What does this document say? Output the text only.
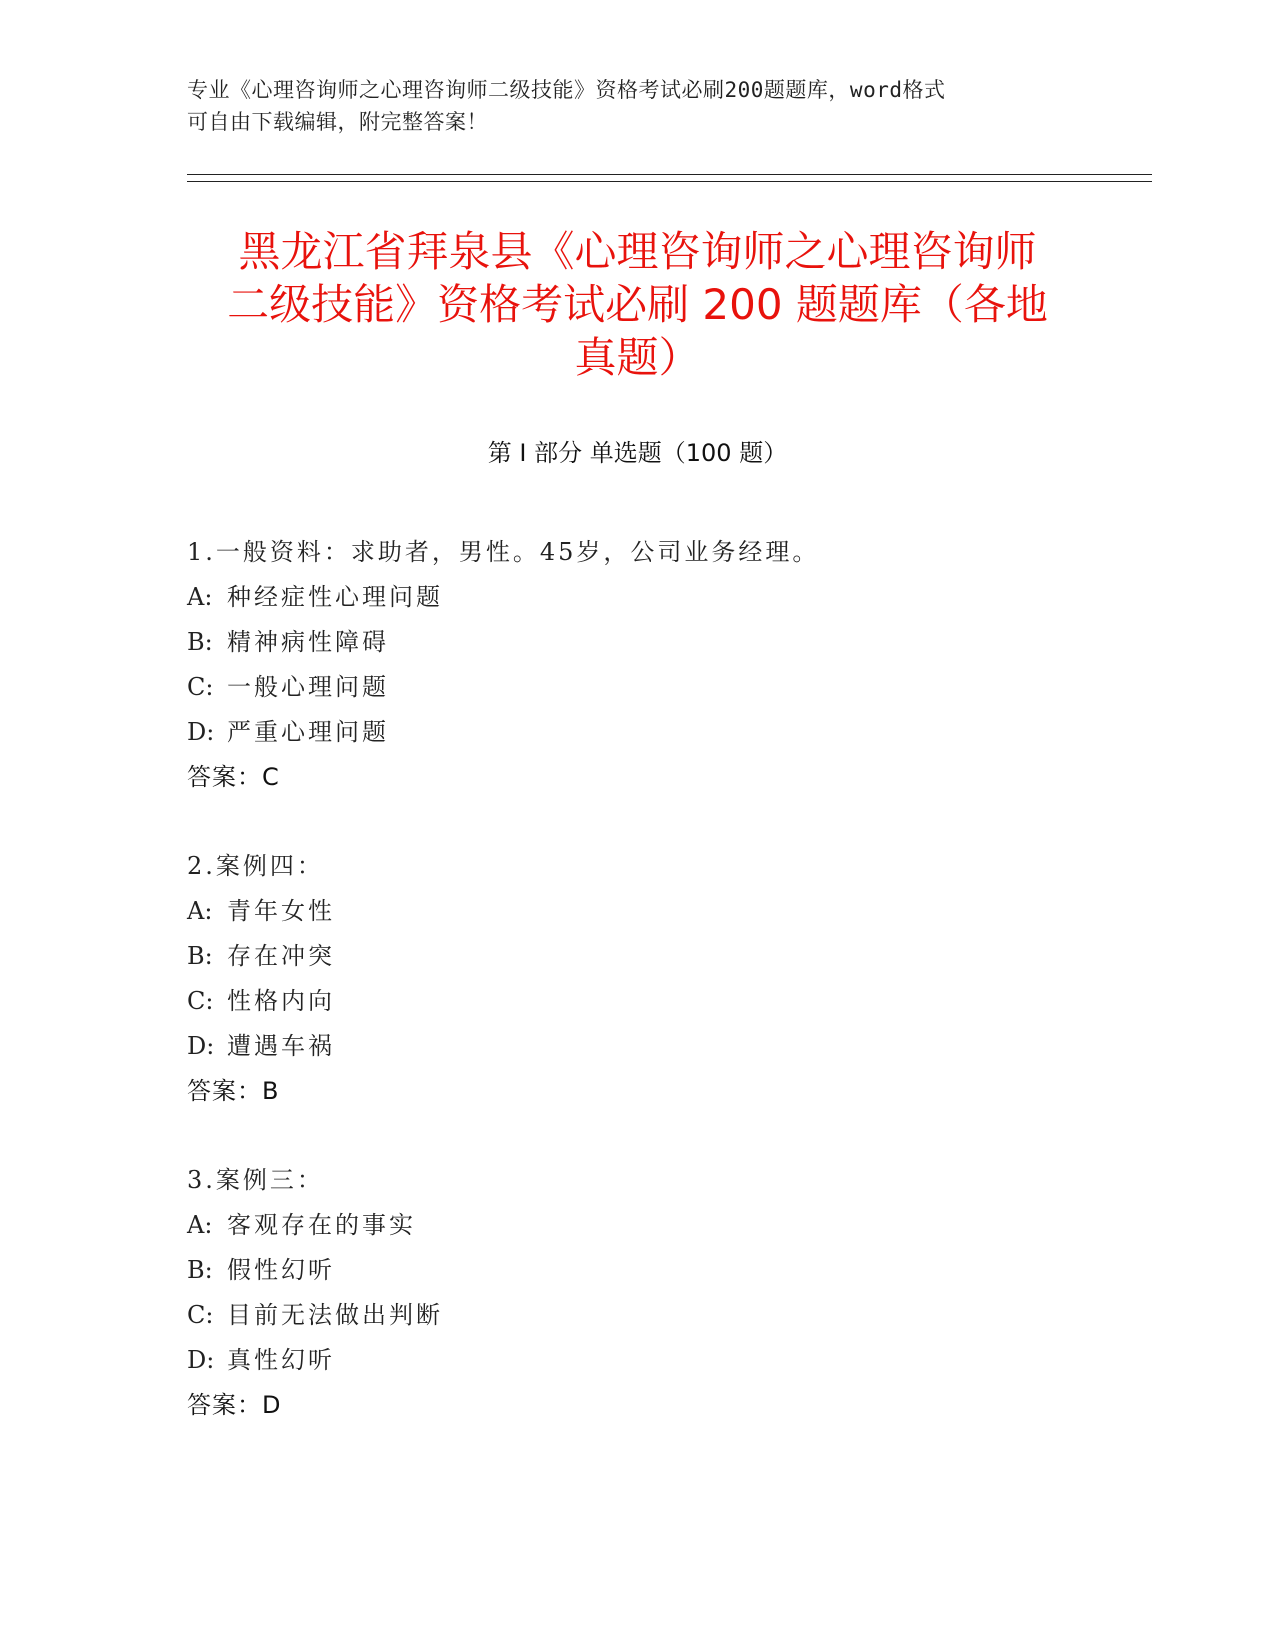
专业《心理咨询师之心理咨询师二级技能》资格考试必刷200题题库，word格式
可自由下载编辑，附完整答案！
黑龙江省拜泉县《心理咨询师之心理咨询师
二级技能》资格考试必刷 200 题题库（各地
真题）
第 I 部分 单选题（100 题）
1.一般资料：求助者，男性。45岁，公司业务经理。
A: 种经症性心理问题
B: 精神病性障碍
C: 一般心理问题
D: 严重心理问题
答案：C
2.案例四：
A: 青年女性
B: 存在冲突
C: 性格内向
D: 遭遇车祸
答案：B
3.案例三：
A: 客观存在的事实
B: 假性幻听
C: 目前无法做出判断
D: 真性幻听
答案：D
